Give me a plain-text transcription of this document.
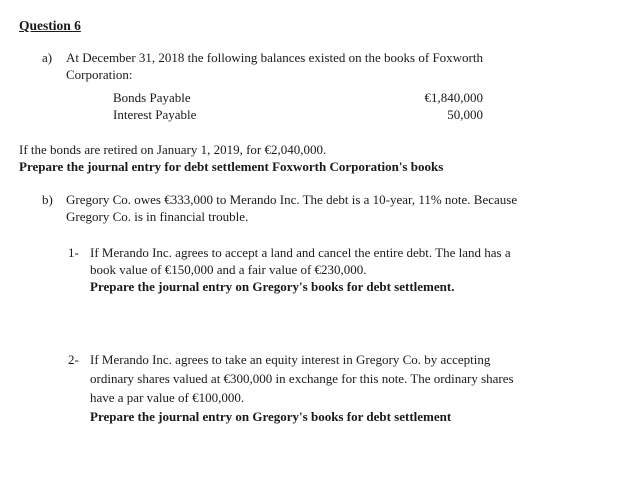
Question 6

a) At December 31, 2018 the following balances existed on the books of Foxworth
Corporation:

Bonds Payable	€1,840,000
Interest Payable	50,000
If the bonds are retired on January 1, 2019, for €2,040,000.
Prepare the journal entry for debt settlement Foxworth Corporation's books
b) Gregory Co. owes €333,000 to Merando Inc. The debt is a 10-year, 11% note. Because
Gregory Co. is in financial trouble.
1- If Merando Inc. agrees to accept a land and cancel the entire debt. The land has a
book value of €150,000 and a fair value of €230,000.
Prepare the journal entry on Gregory's books for debt settlement.
2- If Merando Inc. agrees to take an equity interest in Gregory Co. by accepting
ordinary shares valued at €300,000 in exchange for this note. The ordinary shares
have a par value of €100,000.
Prepare the journal entry on Gregory's books for debt settlement
